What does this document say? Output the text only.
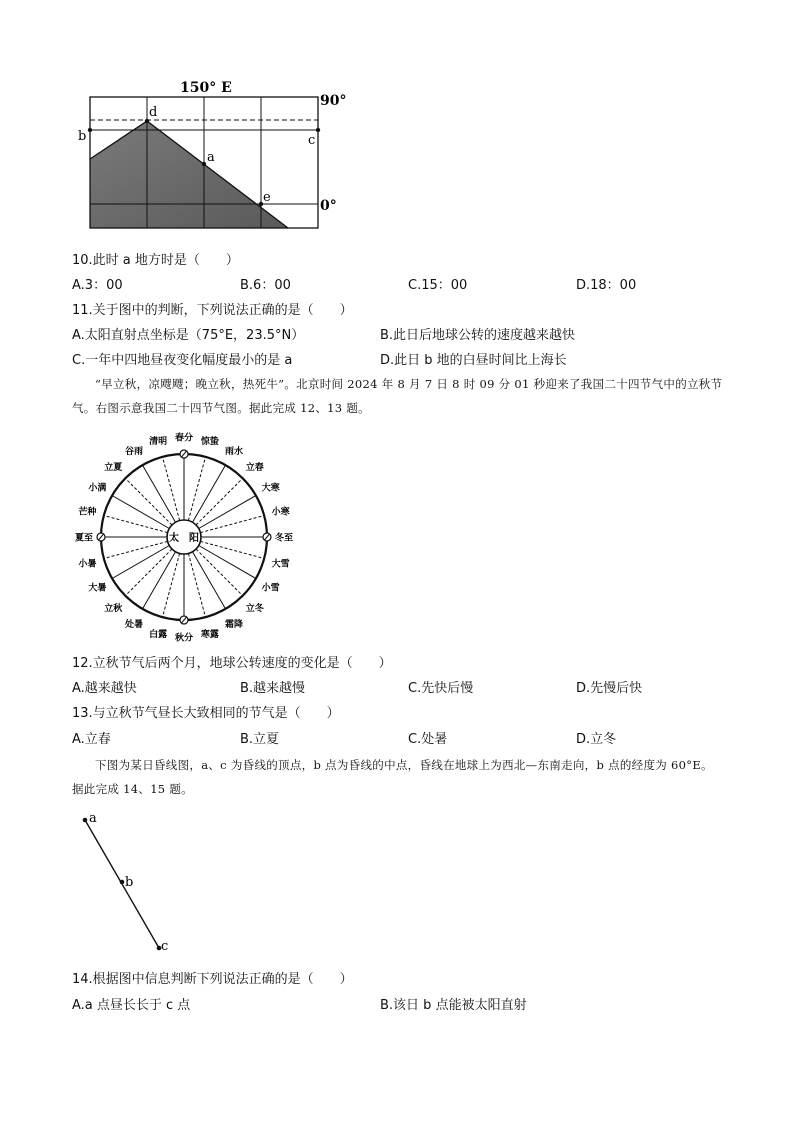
150° E
90°
0°
a
b	c
d
e
10.此时 a 地方时是（　　）
A.3：00	B.6：00	C.15：00	D.18：00
11.关于图中的判断，下列说法正确的是（　　）
A.太阳直射点坐标是（75°E，23.5°N）	B.此日后地球公转的速度越来越快
C.一年中四地昼夜变化幅度最小的是 a	D.此日 b 地的白昼时间比上海长
“早立秋，凉飕飕；晚立秋，热死牛”。北京时间 2024 年 8 月 7 日 8 时 09 分 01 秒迎来了我国二十四节气中的立秋节气。右图示意我国二十四节气图。据此完成 12、13 题。
太　阳
春分 惊蛰
雨水
立春
大寒
小寒
冬至
大雪
小雪
立冬
霜降
寒露
秋分
白露
处暑
立秋
大暑
小暑
夏至
芒种
小满
立夏
谷雨
清明
12.立秋节气后两个月，地球公转速度的变化是（　　）
A.越来越快	B.越来越慢	C.先快后慢	D.先慢后快
13.与立秋节气昼长大致相同的节气是（　　）
A.立春	B.立夏	C.处暑	D.立冬
下图为某日昏线图，a、c 为昏线的顶点，b 点为昏线的中点，昏线在地球上为西北—东南走向，b 点的经度为 60°E。据此完成 14、15 题。
a
b
c
14.根据图中信息判断下列说法正确的是（　　）
A.a 点昼长长于 c 点	B.该日 b 点能被太阳直射
